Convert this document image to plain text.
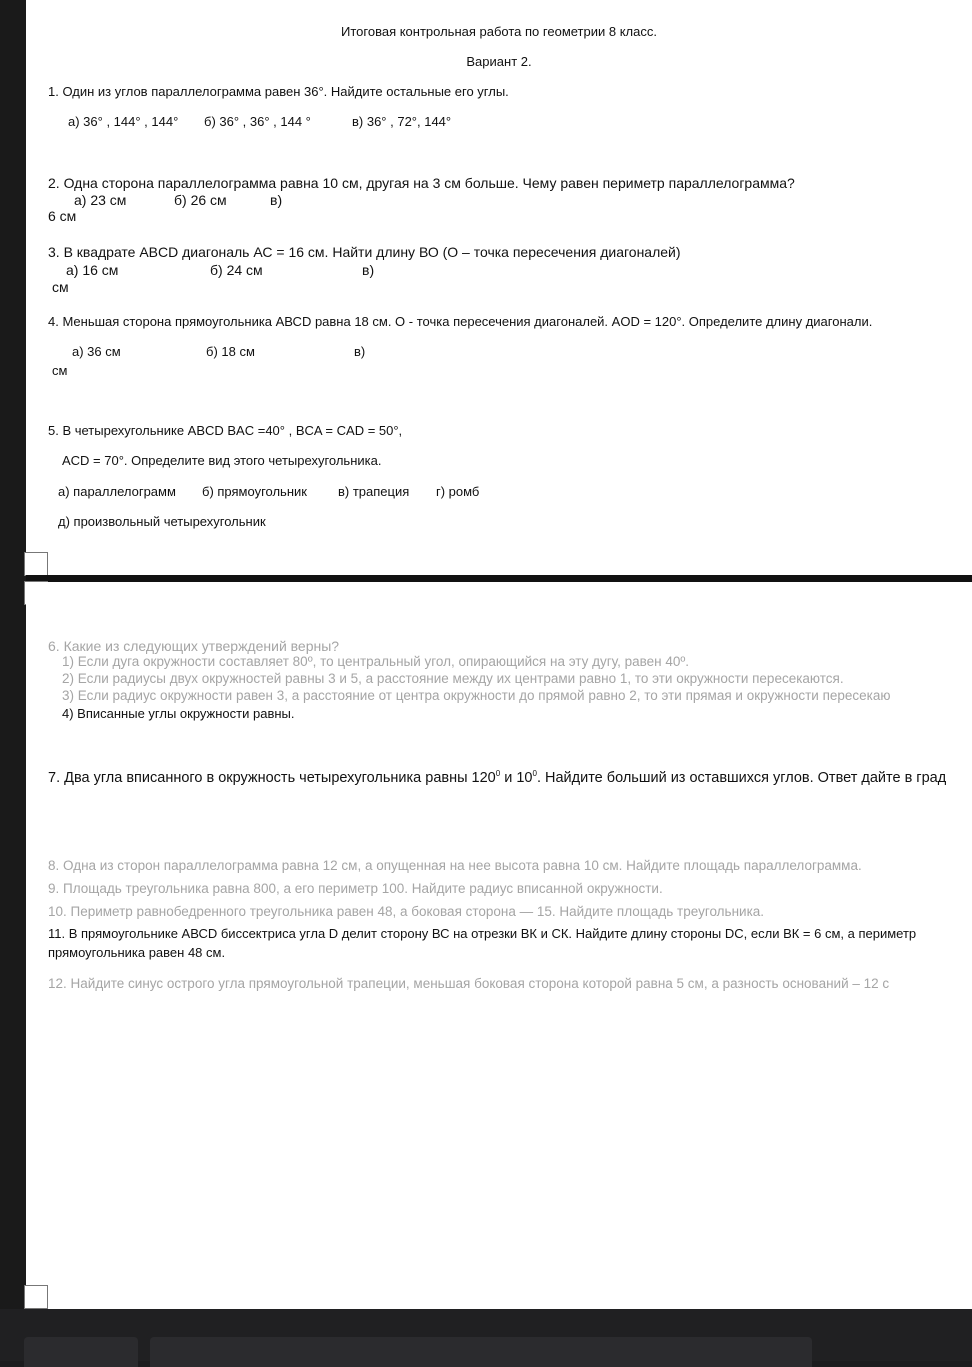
Итоговая контрольная работа по геометрии 8 класс.
Вариант 2.
1. Один из углов параллелограмма равен 36°. Найдите остальные его углы.
а) 36° , 144° , 144° б) 36° , 36° , 144 °	в) 36° , 72°, 144°
2. Одна сторона параллелограмма равна 10 см, другая на 3 см больше. Чему равен периметр параллелограмма?
а) 23 см	б) 26 см	в)
6 см
3. В квадрате ABCD диагональ АС = 16 см. Найти длину ВО (О – точка пересечения диагоналей)
а) 16 см	б) 24 см	в)
см
4. Меньшая сторона прямоугольника АВСD равна 18 см. О - точка пересечения диагоналей. AOD = 120°. Определите длину диагонали.
а) 36 см	б) 18 см	в)
см
5. В четырехугольнике ABCD BAC =40° , BCA = CAD = 50°,
ACD = 70°. Определите вид этого четырехугольника.
а) параллелограмм б) прямоугольник в) трапеция г) ромб
д) произвольный четырехугольник
6. Какие из следующих утверждений верны?
1) Если дуга окружности составляет 80º, то центральный угол, опирающийся на эту дугу, равен 40º.
2) Если радиусы двух окружностей равны 3 и 5, а расстояние между их центрами равно 1, то эти окружности пересекаются.
3) Если радиус окружности равен 3, а расстояние от центра окружности до прямой равно 2, то эти прямая и окружности пересекаю
4) Вписанные углы окружности равны.
7. Два угла вписанного в окружность четырехугольника равны $120^0$ и $10^0$. Найдите больший из оставшихся углов. Ответ дайте в град
8. Одна из сторон параллелограмма равна 12 см, а опущенная на нее высота равна 10 см. Найдите площадь параллелограмма.
9. Площадь треугольника равна 800, а его периметр 100. Найдите радиус вписанной окружности.
10. Периметр равнобедренного треугольника равен 48, а боковая сторона — 15. Найдите площадь треугольника.
11. В прямоугольнике АВСD биссектриса угла D делит сторону ВС на отрезки ВК и СК. Найдите длину стороны DC, если ВК = 6 см, а периметр
прямоугольника равен 48 см.
12. Найдите синус острого угла прямоугольной трапеции, меньшая боковая сторона которой равна 5 см, а разность оснований – 12 с
